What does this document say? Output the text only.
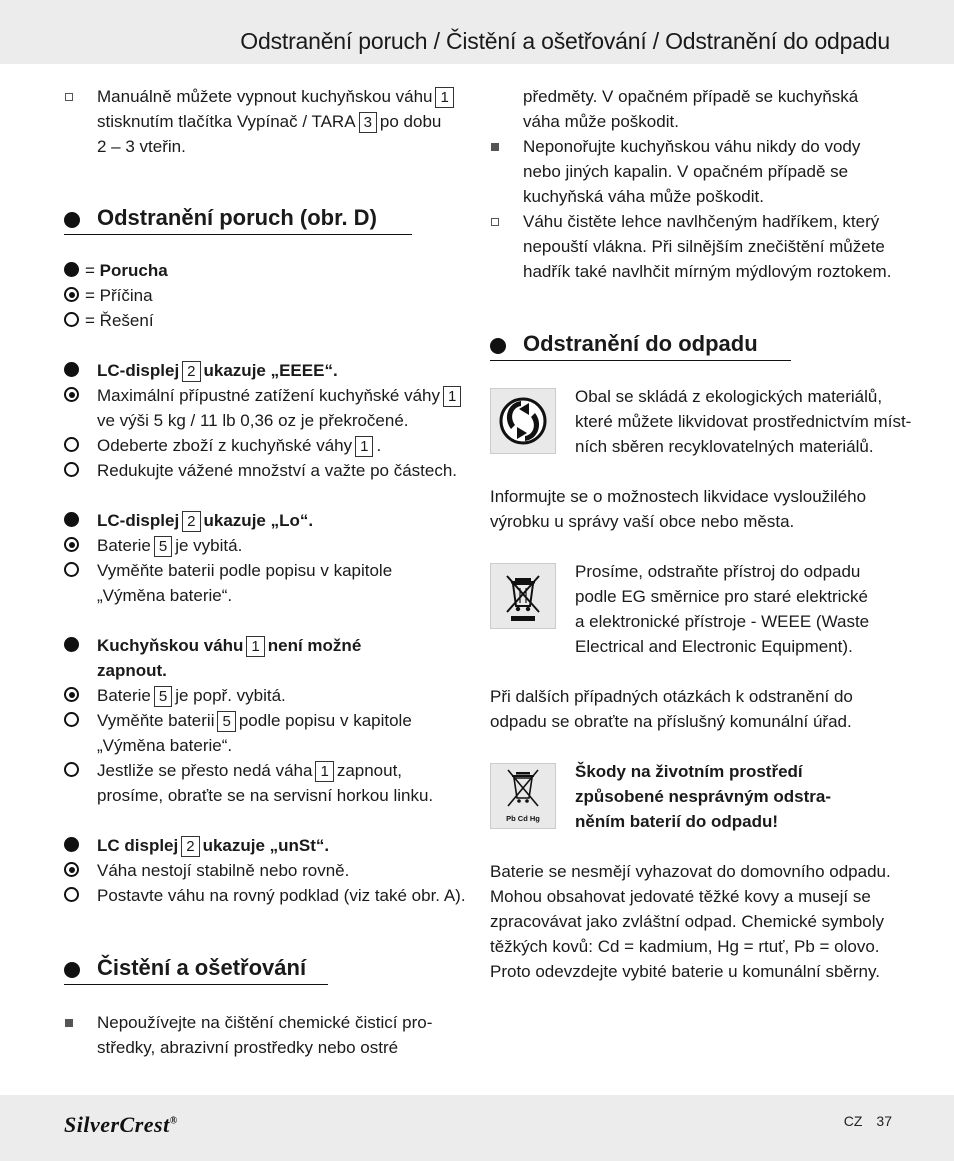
Odstranění poruch / Čistění a ošetřování / Odstranění do odpadu
Manuálně můžete vypnout kuchyňskou váhu 1
stisknutím tlačítka Vypínač / TARA 3 po dobu
2 – 3 vteřin.
Odstranění poruch (obr. D)
= Porucha
= Příčina
= Řešení
LC-displej 2 ukazuje „EEEE“.
Maximální přípustné zatížení kuchyňské váhy 1
ve výši 5 kg / 11 lb 0,36 oz je překročené.
Odeberte zboží z kuchyňské váhy 1 .
Redukujte vážené množství a važte po částech.
LC-displej 2 ukazuje „Lo“.
Baterie 5 je vybitá.
Vyměňte baterii podle popisu v kapitole
„Výměna baterie“.
Kuchyňskou váhu 1 není možné
zapnout.
Baterie 5 je popř. vybitá.
Vyměňte baterii 5 podle popisu v kapitole
„Výměna baterie“.
Jestliže se přesto nedá váha 1 zapnout,
prosíme, obraťte se na servisní horkou linku.
LC displej 2 ukazuje „unSt“.
Váha nestojí stabilně nebo rovně.
Postavte váhu na rovný podklad (viz také obr. A).
Čistění a ošetřování
Nepoužívejte na čištění chemické čisticí pro-
středky, abrazivní prostředky nebo ostré
předměty. V opačném případě se kuchyňská
váha může poškodit.
Neponořujte kuchyňskou váhu nikdy do vody
nebo jiných kapalin. V opačném případě se
kuchyňská váha může poškodit.
Váhu čistěte lehce navlhčeným hadříkem, který
nepouští vlákna. Při silnějším znečištění můžete
hadřík také navlhčit mírným mýdlovým roztokem.
Odstranění do odpadu
Obal se skládá z ekologických materiálů,
které můžete likvidovat prostřednictvím míst-
ních sběren recyklovatelných materiálů.
Informujte se o možnostech likvidace vysloužilého
výrobku u správy vaší obce nebo města.
Prosíme, odstraňte přístroj do odpadu
podle EG směrnice pro staré elektrické
a elektronické přístroje - WEEE (Waste
Electrical and Electronic Equipment).
Při dalších případných otázkách k odstranění do
odpadu se obraťte na příslušný komunální úřad.
Pb Cd Hg
Škody na životním prostředí
způsobené nesprávným odstra-
něním baterií do odpadu!
Baterie se nesmějí vyhazovat do domovního odpadu.
Mohou obsahovat jedovaté těžké kovy a musejí se
zpracovávat jako zvláštní odpad. Chemické symboly
těžkých kovů: Cd = kadmium, Hg = rtuť, Pb = olovo.
Proto odevzdejte vybité baterie u komunální sběrny.
SilverCrest®	CZ 37
